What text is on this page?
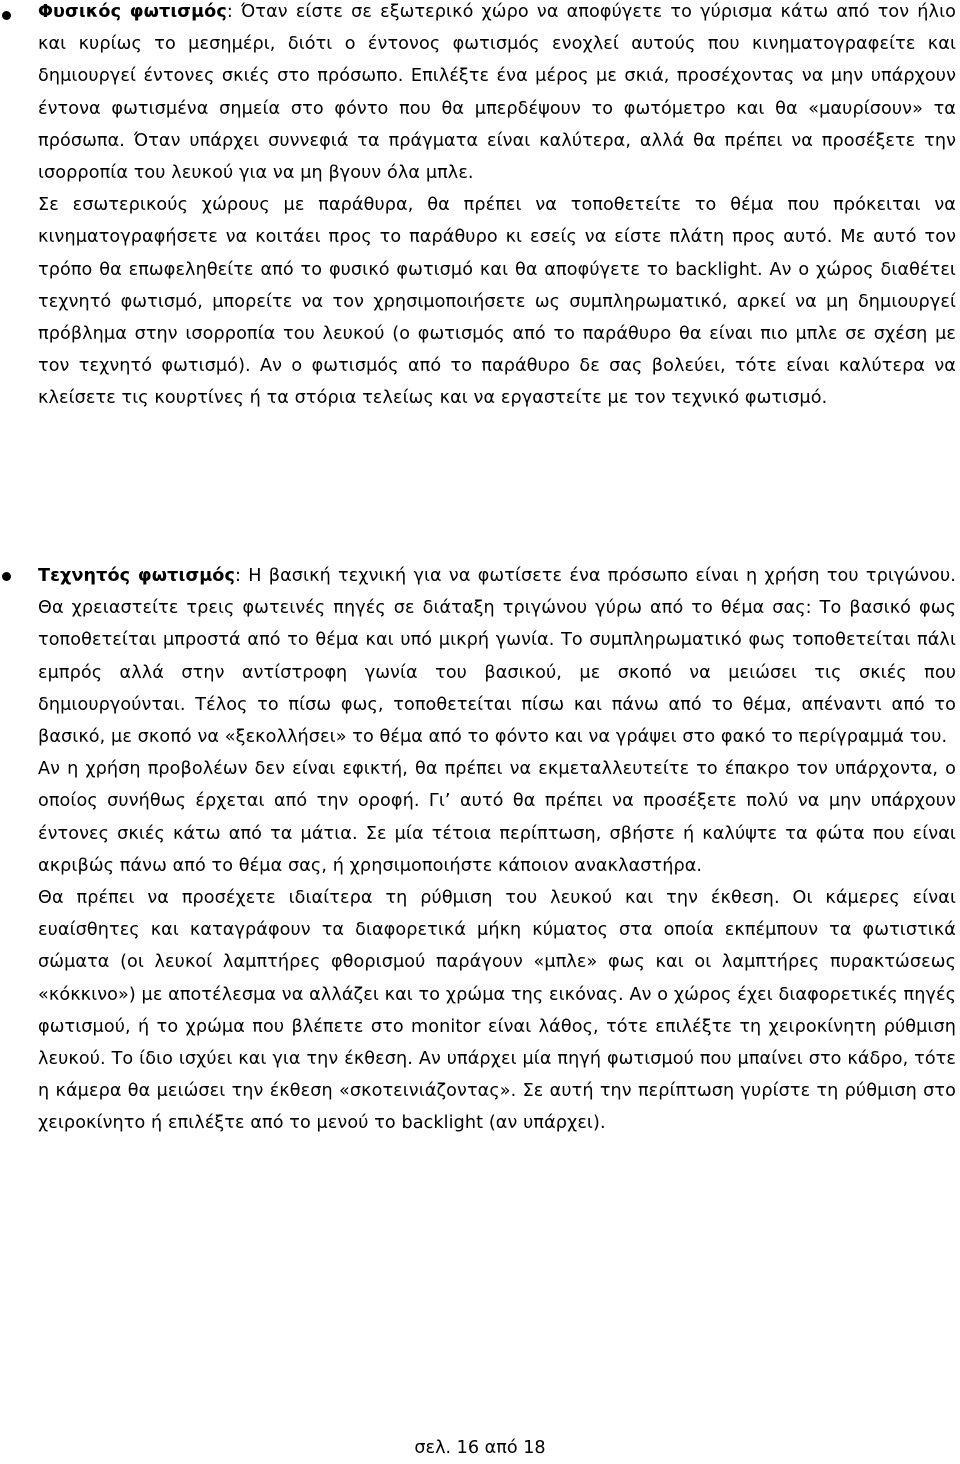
Φυσικός φωτισμός: Όταν είστε σε εξωτερικό χώρο να αποφύγετε το γύρισμα κάτω από τον ήλιο και κυρίως το μεσημέρι, διότι ο έντονος φωτισμός ενοχλεί αυτούς που κινηματογραφείτε και δημιουργεί έντονες σκιές στο πρόσωπο. Επιλέξτε ένα μέρος με σκιά, προσέχοντας να μην υπάρχουν έντονα φωτισμένα σημεία στο φόντο που θα μπερδέψουν το φωτόμετρο και θα «μαυρίσουν» τα πρόσωπα. Όταν υπάρχει συννεφιά τα πράγματα είναι καλύτερα, αλλά θα πρέπει να προσέξετε την ισορροπία του λευκού για να μη βγουν όλα μπλε.

Σε εσωτερικούς χώρους με παράθυρα, θα πρέπει να τοποθετείτε το θέμα που πρόκειται να κινηματογραφήσετε να κοιτάει προς το παράθυρο κι εσείς να είστε πλάτη προς αυτό. Με αυτό τον τρόπο θα επωφεληθείτε από το φυσικό φωτισμό και θα αποφύγετε το backlight. Αν ο χώρος διαθέτει τεχνητό φωτισμό, μπορείτε να τον χρησιμοποιήσετε ως συμπληρωματικό, αρκεί να μη δημιουργεί πρόβλημα στην ισορροπία του λευκού (ο φωτισμός από το παράθυρο θα είναι πιο μπλε σε σχέση με τον τεχνητό φωτισμό). Αν ο φωτισμός από το παράθυρο δε σας βολεύει, τότε είναι καλύτερα να κλείσετε τις κουρτίνες ή τα στόρια τελείως και να εργαστείτε με τον τεχνικό φωτισμό.

Τεχνητός φωτισμός: Η βασική τεχνική για να φωτίσετε ένα πρόσωπο είναι η χρήση του τριγώνου. Θα χρειαστείτε τρεις φωτεινές πηγές σε διάταξη τριγώνου γύρω από το θέμα σας: Το βασικό φως τοποθετείται μπροστά από το θέμα και υπό μικρή γωνία. Το συμπληρωματικό φως τοποθετείται πάλι εμπρός αλλά στην αντίστροφη γωνία του βασικού, με σκοπό να μειώσει τις σκιές που δημιουργούνται. Τέλος το πίσω φως, τοποθετείται πίσω και πάνω από το θέμα, απέναντι από το βασικό, με σκοπό να «ξεκολλήσει» το θέμα από το φόντο και να γράψει στο φακό το περίγραμμά του.

Αν η χρήση προβολέων δεν είναι εφικτή, θα πρέπει να εκμεταλλευτείτε το έπακρο τον υπάρχοντα, ο οποίος συνήθως έρχεται από την οροφή. Γι’ αυτό θα πρέπει να προσέξετε πολύ να μην υπάρχουν έντονες σκιές κάτω από τα μάτια. Σε μία τέτοια περίπτωση, σβήστε ή καλύψτε τα φώτα που είναι ακριβώς πάνω από το θέμα σας, ή χρησιμοποιήστε κάποιον ανακλαστήρα.

Θα πρέπει να προσέχετε ιδιαίτερα τη ρύθμιση του λευκού και την έκθεση. Οι κάμερες είναι ευαίσθητες και καταγράφουν τα διαφορετικά μήκη κύματος στα οποία εκπέμπουν τα φωτιστικά σώματα (οι λευκοί λαμπτήρες φθορισμού παράγουν «μπλε» φως και οι λαμπτήρες πυρακτώσεως «κόκκινο») με αποτέλεσμα να αλλάζει και το χρώμα της εικόνας. Αν ο χώρος έχει διαφορετικές πηγές φωτισμού, ή το χρώμα που βλέπετε στο monitor είναι λάθος, τότε επιλέξτε τη χειροκίνητη ρύθμιση λευκού. Το ίδιο ισχύει και για την έκθεση. Αν υπάρχει μία πηγή φωτισμού που μπαίνει στο κάδρο, τότε η κάμερα θα μειώσει την έκθεση «σκοτεινιάζοντας». Σε αυτή την περίπτωση γυρίστε τη ρύθμιση στο χειροκίνητο ή επιλέξτε από το μενού το backlight (αν υπάρχει).

σελ. 16 από 18
